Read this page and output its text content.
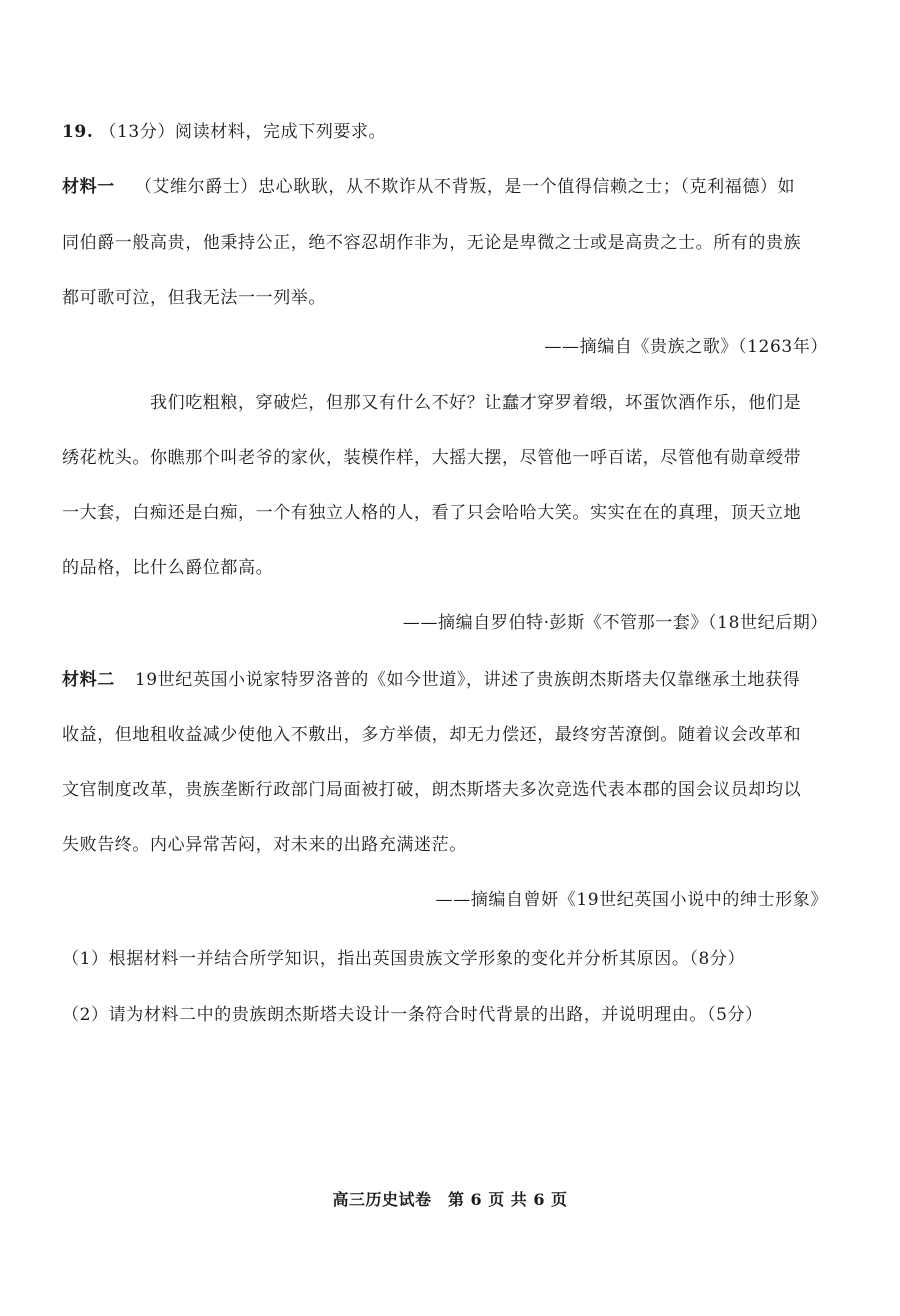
19. （13分）阅读材料，完成下列要求。
材料一 （艾维尔爵士）忠心耿耿，从不欺诈从不背叛，是一个值得信赖之士；（克利福德）如
同伯爵一般高贵，他秉持公正，绝不容忍胡作非为，无论是卑微之士或是高贵之士。所有的贵族
都可歌可泣，但我无法一一列举。
——摘编自《贵族之歌》（1263年）
我们吃粗粮，穿破烂，但那又有什么不好？让蠢才穿罗着缎，坏蛋饮酒作乐，他们是
绣花枕头。你瞧那个叫老爷的家伙，装模作样，大摇大摆，尽管他一呼百诺，尽管他有勋章绶带
一大套，白痴还是白痴，一个有独立人格的人，看了只会哈哈大笑。实实在在的真理，顶天立地
的品格，比什么爵位都高。
——摘编自罗伯特·彭斯《不管那一套》（18世纪后期）
材料二 19世纪英国小说家特罗洛普的《如今世道》，讲述了贵族朗杰斯塔夫仅靠继承土地获得
收益，但地租收益减少使他入不敷出，多方举债，却无力偿还，最终穷苦潦倒。随着议会改革和
文官制度改革，贵族垄断行政部门局面被打破，朗杰斯塔夫多次竞选代表本郡的国会议员却均以
失败告终。内心异常苦闷，对未来的出路充满迷茫。
——摘编自曾妍《19世纪英国小说中的绅士形象》
（1）根据材料一并结合所学知识，指出英国贵族文学形象的变化并分析其原因。（8分）
（2）请为材料二中的贵族朗杰斯塔夫设计一条符合时代背景的出路，并说明理由。（5分）
高三历史试卷　第 6 页 共 6 页
